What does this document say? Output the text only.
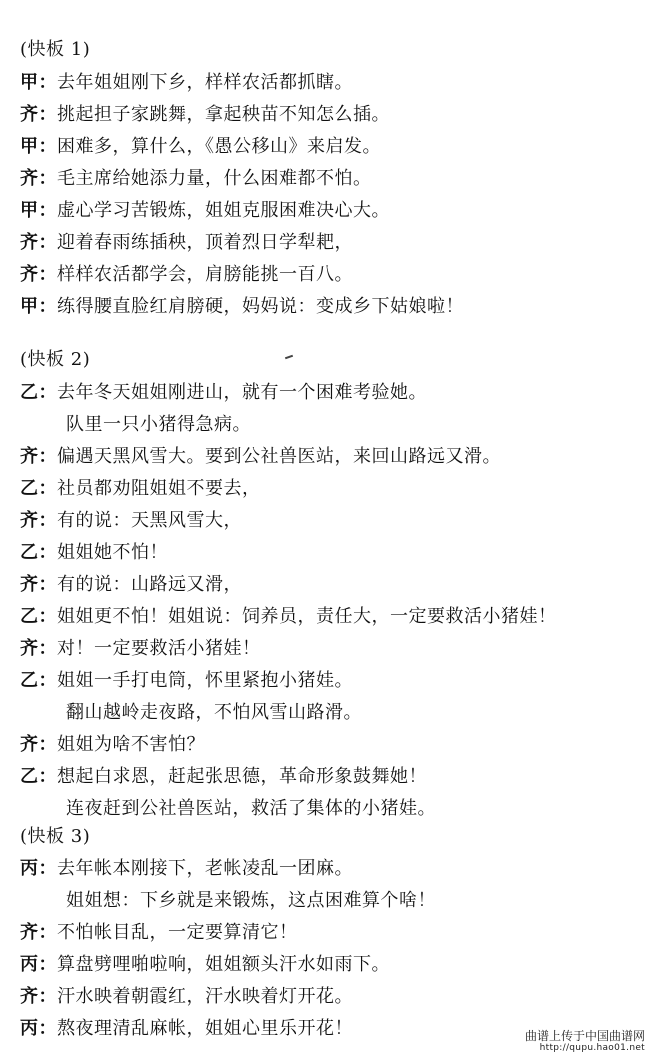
(快板 1)
甲：去年姐姐刚下乡，样样农活都抓瞎。
齐：挑起担子家跳舞，拿起秧苗不知怎么插。
甲：困难多，算什么，《愚公移山》来启发。
齐：毛主席给她添力量，什么困难都不怕。
甲：虚心学习苦锻炼，姐姐克服困难决心大。
齐：迎着春雨练插秧，顶着烈日学犁耙，
齐：样样农活都学会，肩膀能挑一百八。
甲：练得腰直脸红肩膀硬，妈妈说：变成乡下姑娘啦！
(快板 2)
乙：去年冬天姐姐刚进山，就有一个困难考验她。
队里一只小猪得急病。
齐：偏遇天黑风雪大。要到公社兽医站，来回山路远又滑。
乙：社员都劝阻姐姐不要去，
齐：有的说：天黑风雪大，
乙：姐姐她不怕！
齐：有的说：山路远又滑，
乙：姐姐更不怕！姐姐说：饲养员，责任大，一定要救活小猪娃！
齐：对！一定要救活小猪娃！
乙：姐姐一手打电筒，怀里紧抱小猪娃。
翻山越岭走夜路，不怕风雪山路滑。
齐：姐姐为啥不害怕？
乙：想起白求恩，赶起张思德，革命形象鼓舞她！
连夜赶到公社兽医站，救活了集体的小猪娃。
(快板 3)
丙：去年帐本刚接下，老帐凌乱一团麻。
姐姐想：下乡就是来锻炼，这点困难算个啥！
齐：不怕帐目乱，一定要算清它！
丙：算盘劈哩啪啦响，姐姐额头汗水如雨下。
齐：汗水映着朝霞红，汗水映着灯开花。
丙：熬夜理清乱麻帐，姐姐心里乐开花！	曲谱上传于中国曲谱网
http://qupu.hao01.net
